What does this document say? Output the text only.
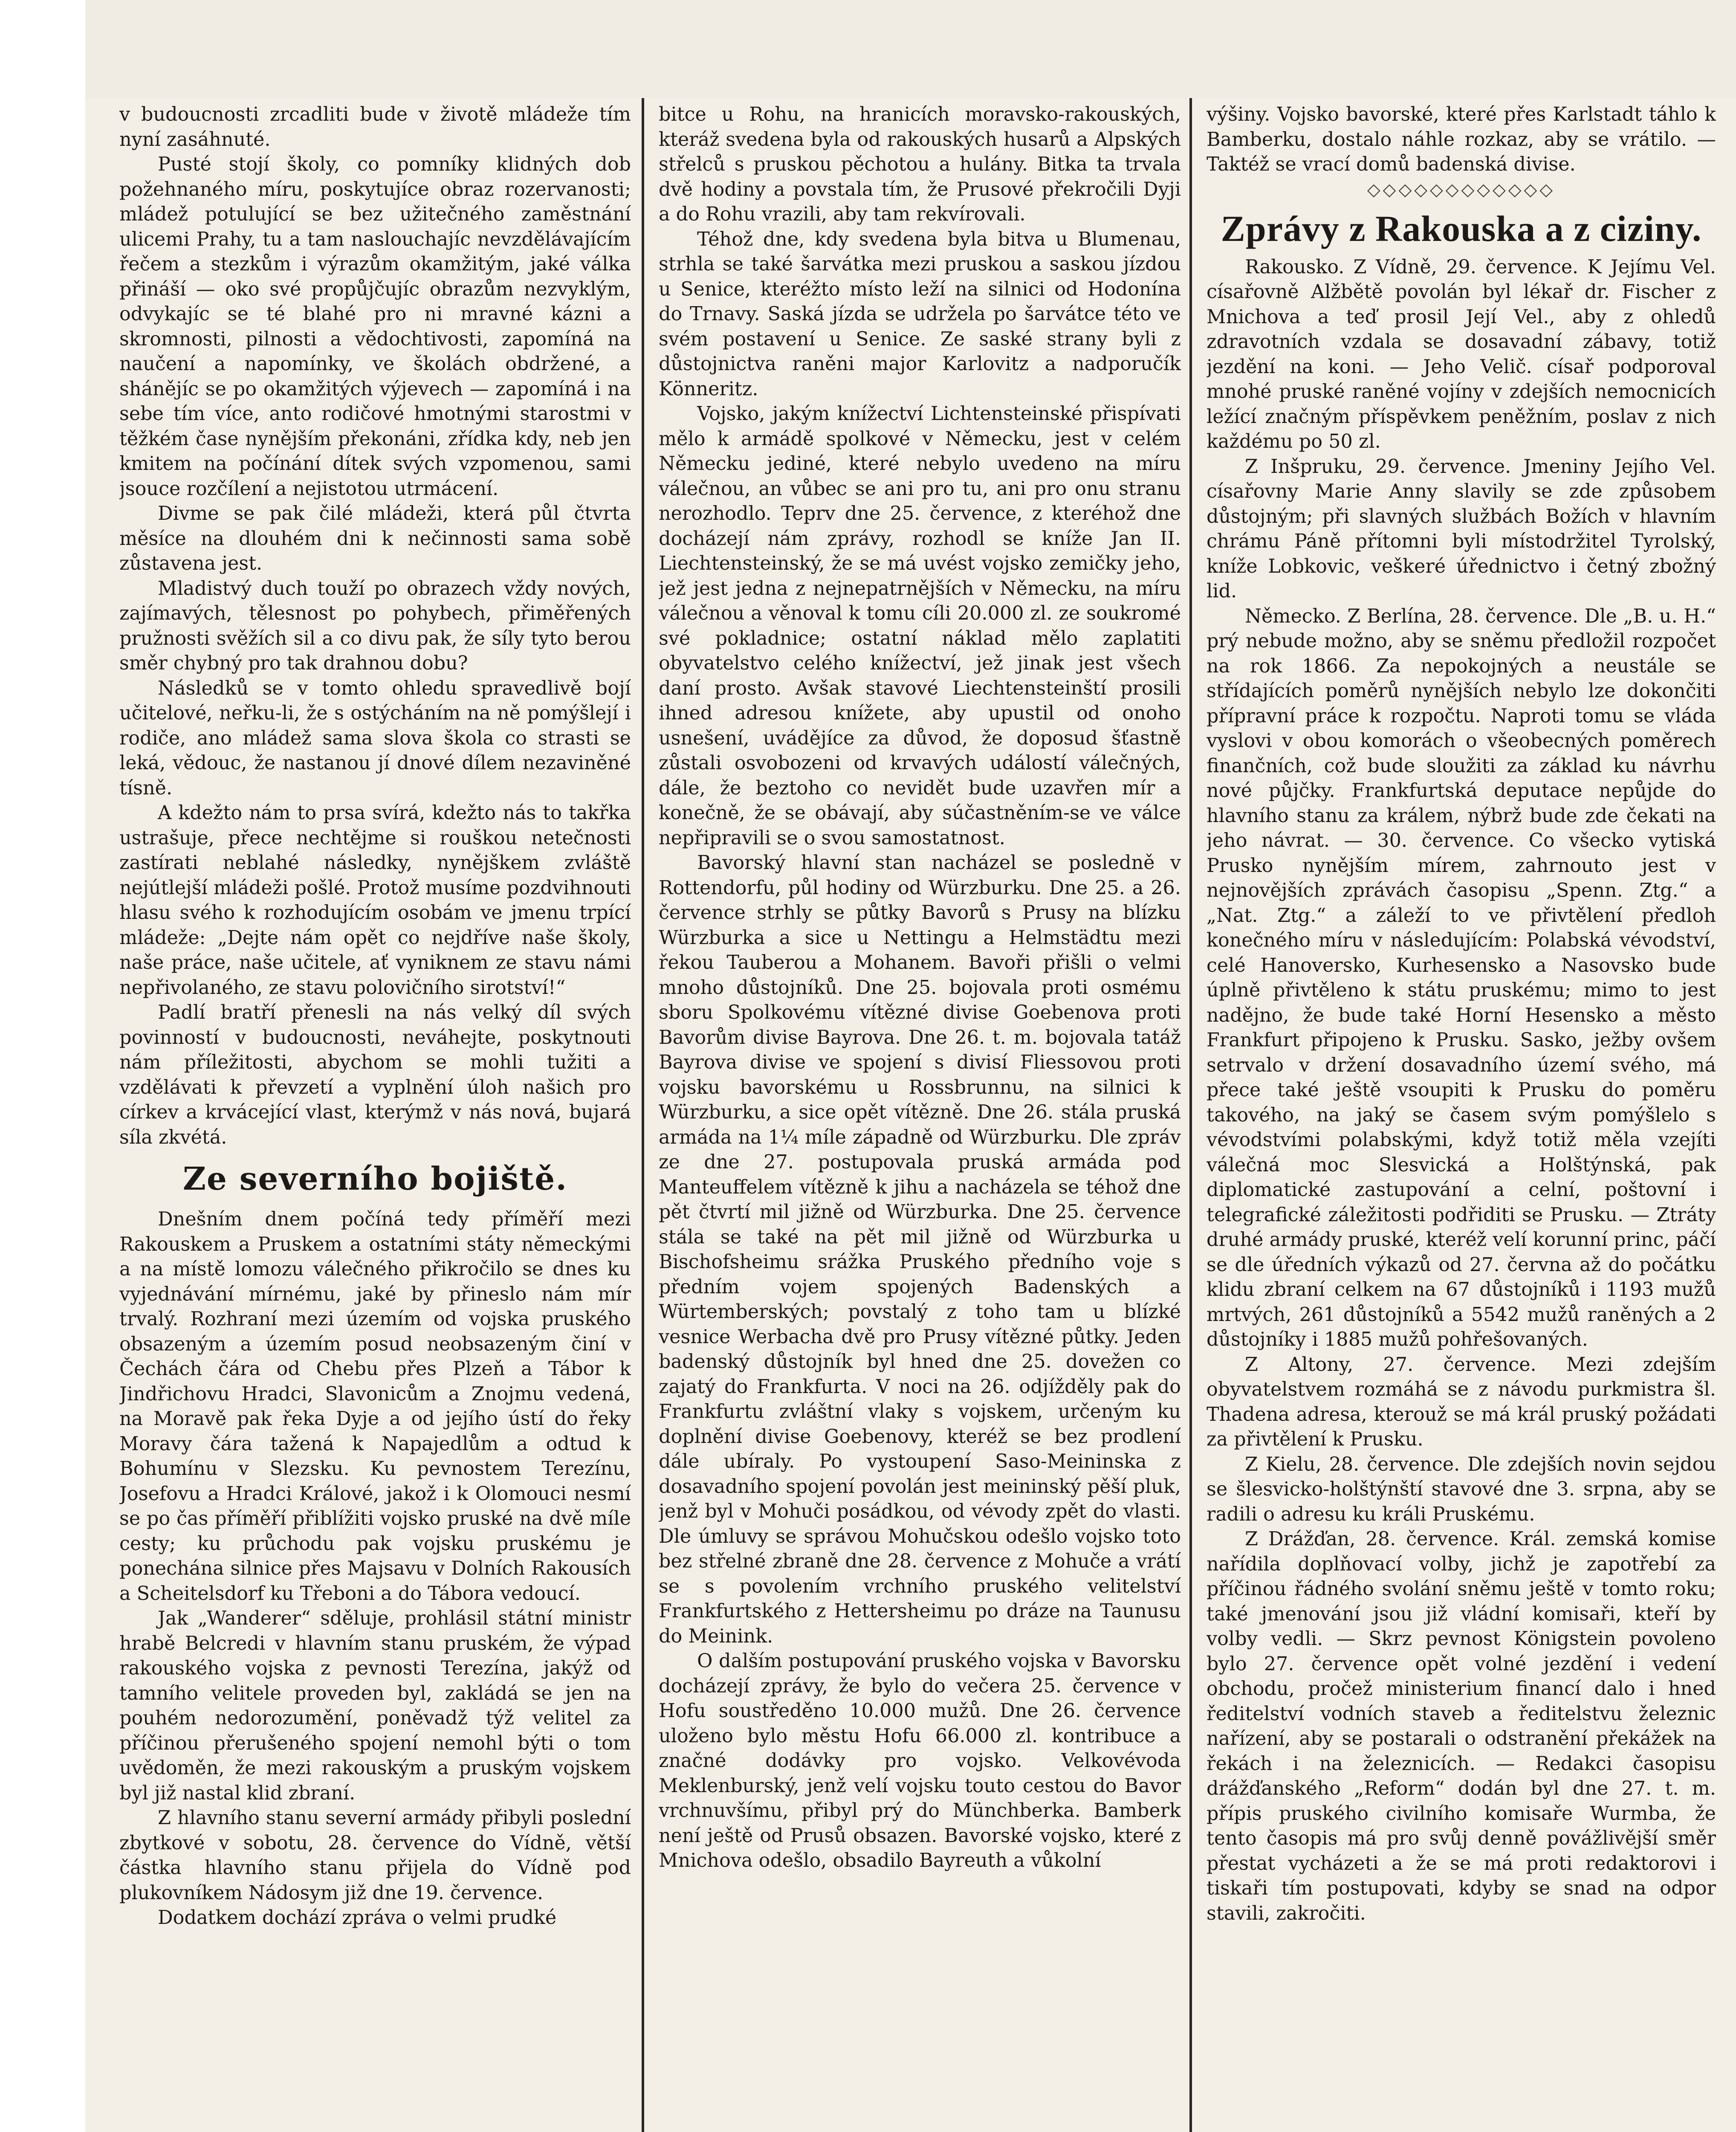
v budoucnosti zrcadliti bude v životě mládeže tím nyní zasáhnuté.

Pusté stojí školy, co pomníky klidných dob požehnaného míru, poskytujíce obraz rozervanosti; mládež potulující se bez užitečného zaměstnání ulicemi Prahy, tu a tam naslouchajíc nevzdělávajícím řečem a stezkům i výrazům okamžitým, jaké válka přináší — oko své propůjčujíc obrazům nezvyklým, odvykajíc se té blahé pro ni mravné kázni a skromnosti, pilnosti a vědochtivosti, zapomíná na naučení a napomínky, ve školách obdržené, a shánějíc se po okamžitých výjevech — zapomíná i na sebe tím více, anto rodičové hmotnými starostmi v těžkém čase nynějším překonáni, zřídka kdy, neb jen kmitem na počínání dítek svých vzpomenou, sami jsouce rozčílení a nejistotou utrmácení.

Divme se pak čilé mládeži, která půl čtvrta měsíce na dlouhém dni k nečinnosti sama sobě zůstavena jest.

Mladistvý duch touží po obrazech vždy nových, zajímavých, tělesnost po pohybech, přiměřených pružnosti svěžích sil a co divu pak, že síly tyto berou směr chybný pro tak drahnou dobu?

Následků se v tomto ohledu spravedlivě bojí učitelové, neřku-li, že s ostýcháním na ně pomýšlejí i rodiče, ano mládež sama slova škola co strasti se leká, vědouc, že nastanou jí dnové dílem nezaviněné tísně.

A kdežto nám to prsa svírá, kdežto nás to takřka ustrašuje, přece nechtějme si rouškou netečnosti zastírati neblahé následky, nynějškem zvláště nejútlejší mládeži pošlé. Protož musíme pozdvihnouti hlasu svého k rozhodujícím osobám ve jmenu trpící mládeže: „Dejte nám opět co nejdříve naše školy, naše práce, naše učitele, ať vyniknem ze stavu námi nepřivolaného, ze stavu polovičního sirotství!“

Padlí bratří přenesli na nás velký díl svých povinností v budoucnosti, neváhejte, poskytnouti nám příležitosti, abychom se mohli tužiti a vzdělávati k převzetí a vyplnění úloh našich pro církev a krvácející vlast, kterýmž v nás nová, bujará síla zkvétá.

Ze severního bojiště.

Dnešním dnem počíná tedy příměří mezi Rakouskem a Pruskem a ostatními státy německými a na místě lomozu válečného přikročilo se dnes ku vyjednávání mírnému, jaké by přineslo nám mír trvalý. Rozhraní mezi územím od vojska pruského obsazeným a územím posud neobsazeným činí v Čechách čára od Chebu přes Plzeň a Tábor k Jindřichovu Hradci, Slavonicům a Znojmu vedená, na Moravě pak řeka Dyje a od jejího ústí do řeky Moravy čára tažená k Napajedlům a odtud k Bohumínu v Slezsku. Ku pevnostem Terezínu, Josefovu a Hradci Králové, jakož i k Olomouci nesmí se po čas příměří přiblížiti vojsko pruské na dvě míle cesty; ku průchodu pak vojsku pruskému je ponechána silnice přes Majsavu v Dolních Rakousích a Scheitelsdorf ku Třeboni a do Tábora vedoucí.

Jak „Wanderer“ sděluje, prohlásil státní ministr hrabě Belcredi v hlavním stanu pruském, že výpad rakouského vojska z pevnosti Terezína, jakýž od tamního velitele proveden byl, zakládá se jen na pouhém nedorozumění, poněvadž týž velitel za příčinou přerušeného spojení nemohl býti o tom uvědoměn, že mezi rakouským a pruským vojskem byl již nastal klid zbraní.

Z hlavního stanu severní armády přibyli poslední zbytkové v sobotu, 28. července do Vídně, větší částka hlavního stanu přijela do Vídně pod plukovníkem Nádosym již dne 19. července.

Dodatkem dochází zpráva o velmi prudké

bitce u Rohu, na hranicích moravsko-rakouských, kteráž svedena byla od rakouských husarů a Alpských střelců s pruskou pěchotou a hulány. Bitka ta trvala dvě hodiny a povstala tím, že Prusové překročili Dyji a do Rohu vrazili, aby tam rekvírovali.

Téhož dne, kdy svedena byla bitva u Blumenau, strhla se také šarvátka mezi pruskou a saskou jízdou u Senice, kteréžto místo leží na silnici od Hodonína do Trnavy. Saská jízda se udržela po šarvátce této ve svém postavení u Senice. Ze saské strany byli z důstojnictva raněni major Karlovitz a nadporučík Könneritz.

Vojsko, jakým knížectví Lichtensteinské přispívati mělo k armádě spolkové v Německu, jest v celém Německu jediné, které nebylo uvedeno na míru válečnou, an vůbec se ani pro tu, ani pro onu stranu nerozhodlo. Teprv dne 25. července, z kteréhož dne docházejí nám zprávy, rozhodl se kníže Jan II. Liechtensteinský, že se má uvést vojsko zemičky jeho, jež jest jedna z nejnepatrnějších v Německu, na míru válečnou a věnoval k tomu cíli 20.000 zl. ze soukromé své pokladnice; ostatní náklad mělo zaplatiti obyvatelstvo celého knížectví, jež jinak jest všech daní prosto. Avšak stavové Liechtensteinští prosili ihned adresou knížete, aby upustil od onoho usnešení, uvádějíce za důvod, že doposud šťastně zůstali osvobozeni od krvavých událostí válečných, dále, že beztoho co nevidět bude uzavřen mír a konečně, že se obávají, aby súčastněním-se ve válce nepřipravili se o svou samostatnost.

Bavorský hlavní stan nacházel se posledně v Rottendorfu, půl hodiny od Würzburku. Dne 25. a 26. července strhly se půtky Bavorů s Prusy na blízku Würzburka a sice u Nettingu a Helmstädtu mezi řekou Tauberou a Mohanem. Bavoři přišli o velmi mnoho důstojníků. Dne 25. bojovala proti osmému sboru Spolkovému vítězné divise Goebenova proti Bavorům divise Bayrova. Dne 26. t. m. bojovala tatáž Bayrova divise ve spojení s divisí Fliessovou proti vojsku bavorskému u Rossbrunnu, na silnici k Würzburku, a sice opět vítězně. Dne 26. stála pruská armáda na 1¼ míle západně od Würzburku. Dle zpráv ze dne 27. postupovala pruská armáda pod Manteuffelem vítězně k jihu a nacházela se téhož dne pět čtvrtí mil jižně od Würzburka. Dne 25. července stála se také na pět mil jižně od Würzburka u Bischofsheimu srážka Pruského předního voje s předním vojem spojených Badenských a Würtemberských; povstalý z toho tam u blízké vesnice Werbacha dvě pro Prusy vítězné půtky. Jeden badenský důstojník byl hned dne 25. dovežen co zajatý do Frankfurta. V noci na 26. odjížděly pak do Frankfurtu zvláštní vlaky s vojskem, určeným ku doplnění divise Goebenovy, kteréž se bez prodlení dále ubíraly. Po vystoupení Saso-Meininska z dosavadního spojení povolán jest meininský pěší pluk, jenž byl v Mohuči posádkou, od vévody zpět do vlasti. Dle úmluvy se správou Mohučskou odešlo vojsko toto bez střelné zbraně dne 28. července z Mohuče a vrátí se s povolením vrchního pruského velitelství Frankfurtského z Hettersheimu po dráze na Taunusu do Meinink.

O dalším postupování pruského vojska v Bavorsku docházejí zprávy, že bylo do večera 25. července v Hofu soustředěno 10.000 mužů. Dne 26. července uloženo bylo městu Hofu 66.000 zl. kontribuce a značné dodávky pro vojsko. Velkovévoda Meklenburský, jenž velí vojsku touto cestou do Bavor vrchnuvšímu, přibyl prý do Münchberka. Bamberk není ještě od Prusů obsazen. Bavorské vojsko, které z Mnichova odešlo, obsadilo Bayreuth a vůkolní

výšiny. Vojsko bavorské, které přes Karlstadt táhlo k Bamberku, dostalo náhle rozkaz, aby se vrátilo. — Taktéž se vrací domů badenská divise.

◇◇◇◇◇◇◇◇◇◇◇◇
Zprávy z Rakouska a z ciziny.

Rakousko. Z Vídně, 29. července. K Jejímu Vel. císařovně Alžbětě povolán byl lékař dr. Fischer z Mnichova a teď prosil Její Vel., aby z ohledů zdravotních vzdala se dosavadní zábavy, totiž jezdění na koni. — Jeho Velič. císař podporoval mnohé pruské raněné vojíny v zdejších nemocnicích ležící značným příspěvkem peněžním, poslav z nich každému po 50 zl.

Z Inšpruku, 29. července. Jmeniny Jejího Vel. císařovny Marie Anny slavily se zde způsobem důstojným; při slavných službách Božích v hlavním chrámu Páně přítomni byli místodržitel Tyrolský, kníže Lobkovic, veškeré úřednictvo i četný zbožný lid.

Německo. Z Berlína, 28. července. Dle „B. u. H.“ prý nebude možno, aby se sněmu předložil rozpočet na rok 1866. Za nepokojných a neustále se střídajících poměrů nynějších nebylo lze dokončiti přípravní práce k rozpočtu. Naproti tomu se vláda vyslovi v obou komorách o všeobecných poměrech finančních, což bude sloužiti za základ ku návrhu nové půjčky. Frankfurtská deputace nepůjde do hlavního stanu za králem, nýbrž bude zde čekati na jeho návrat. — 30. července. Co všecko vytiská Prusko nynějším mírem, zahrnouto jest v nejnovějších zprávách časopisu „Spenn. Ztg.“ a „Nat. Ztg.“ a záleží to ve přivtělení předloh konečného míru v následujícím: Polabská vévodství, celé Hanoversko, Kurhesensko a Nasovsko bude úplně přivtěleno k státu pruskému; mimo to jest nadějno, že bude také Horní Hesensko a město Frankfurt připojeno k Prusku. Sasko, ježby ovšem setrvalo v držení dosavadního území svého, má přece také ještě vsoupiti k Prusku do poměru takového, na jaký se časem svým pomýšlelo s vévodstvími polabskými, když totiž měla vzejíti válečná moc Slesvická a Holštýnská, pak diplomatické zastupování a celní, poštovní i telegrafické záležitosti podřiditi se Prusku. — Ztráty druhé armády pruské, kteréž velí korunní princ, páčí se dle úředních výkazů od 27. června až do počátku klidu zbraní celkem na 67 důstojníků i 1193 mužů mrtvých, 261 důstojníků a 5542 mužů raněných a 2 důstojníky i 1885 mužů pohřešovaných.

Z Altony, 27. července. Mezi zdejším obyvatelstvem rozmáhá se z návodu purkmistra šl. Thadena adresa, kterouž se má král pruský požádati za přivtělení k Prusku.

Z Kielu, 28. července. Dle zdejších novin sejdou se šlesvicko-holštýnští stavové dne 3. srpna, aby se radili o adresu ku králi Pruskému.

Z Drážďan, 28. července. Král. zemská komise nařídila doplňovací volby, jichž je zapotřebí za příčinou řádného svolání sněmu ještě v tomto roku; také jmenování jsou již vládní komisaři, kteří by volby vedli. — Skrz pevnost Königstein povoleno bylo 27. července opět volné jezdění i vedení obchodu, pročež ministerium financí dalo i hned ředitelství vodních staveb a ředitelstvu železnic nařízení, aby se postarali o odstranění překážek na řekách i na železnicích. — Redakci časopisu drážďanského „Reform“ dodán byl dne 27. t. m. přípis pruského civilního komisaře Wurmba, že tento časopis má pro svůj denně povážlivější směr přestat vycházeti a že se má proti redaktorovi i tiskaři tím postupovati, kdyby se snad na odpor stavili, zakročiti.
